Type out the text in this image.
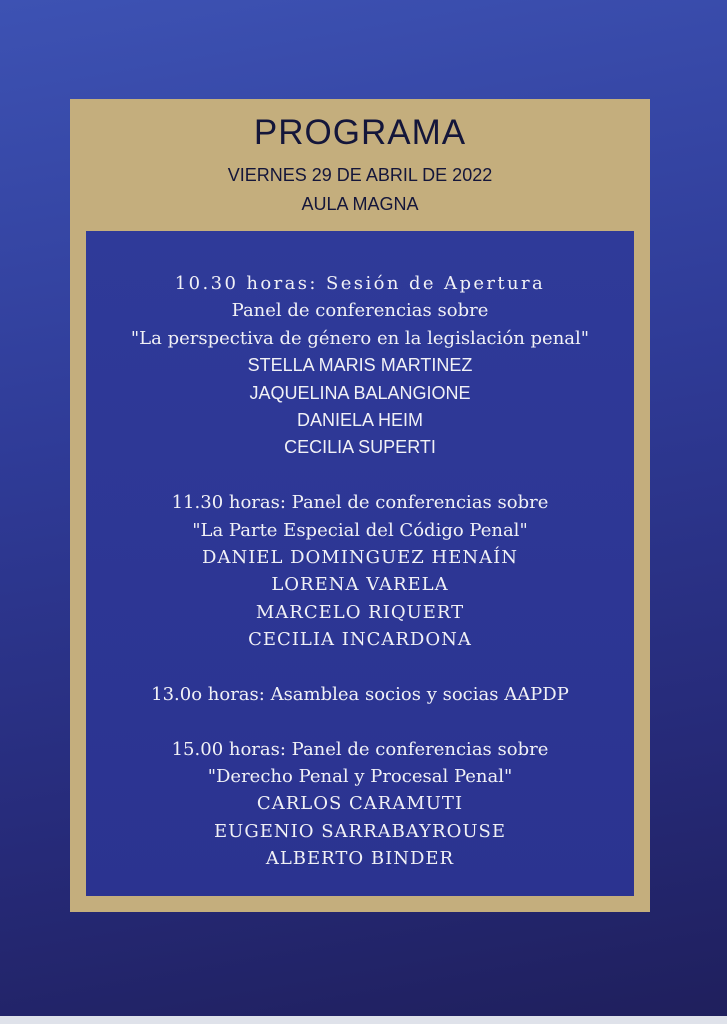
PROGRAMA
VIERNES 29 DE ABRIL DE 2022
AULA MAGNA
10.30 horas: Sesión de Apertura
Panel de conferencias sobre
"La perspectiva de género en la legislación penal"
STELLA MARIS MARTINEZ
JAQUELINA BALANGIONE
DANIELA HEIM
CECILIA SUPERTI
11.30 horas: Panel de conferencias sobre
"La Parte Especial del Código Penal"
DANIEL DOMINGUEZ HENAÍN
LORENA VARELA
MARCELO RIQUERT
CECILIA INCARDONA
13.0o horas: Asamblea socios y socias AAPDP
15.00 horas: Panel de conferencias sobre
"Derecho Penal y Procesal Penal"
CARLOS CARAMUTI
EUGENIO SARRABAYROUSE
ALBERTO BINDER
